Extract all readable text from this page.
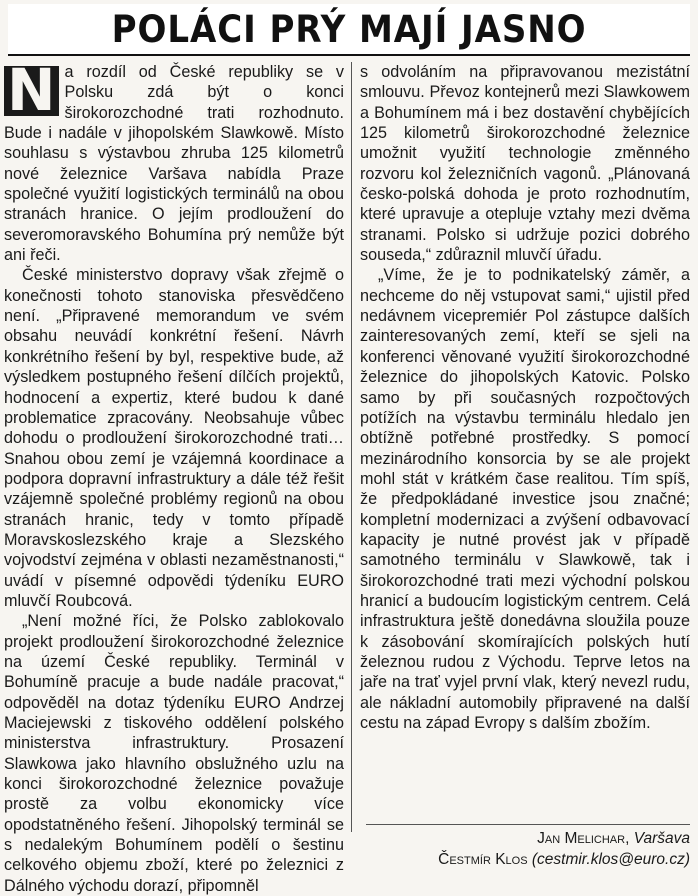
POLÁCI PRÝ MAJÍ JASNO

N a rozdíl od České republiky se v Polsku zdá být o konci širokorozchodné trati rozhodnuto. Bude i nadále v jihopolském Slawkowě. Místo souhlasu s výstavbou zhruba 125 kilometrů nové železnice Varšava nabídla Praze společné využití logistických terminálů na obou stranách hranice. O jejím prodloužení do severomoravského Bohumína prý nemůže být ani řeči.

České ministerstvo dopravy však zřejmě o konečnosti tohoto stanoviska přesvědčeno není. „Připravené memorandum ve svém obsahu neuvádí konkrétní řešení. Návrh konkrétního řešení by byl, respektive bude, až výsledkem postupného řešení dílčích projektů, hodnocení a expertiz, které budou k dané problematice zpracovány. Neobsahuje vůbec dohodu o prodloužení širokorozchodné trati… Snahou obou zemí je vzájemná koordinace a podpora dopravní infrastruktury a dále též řešit vzájemně společné problémy regionů na obou stranách hranic, tedy v tomto případě Moravskoslezského kraje a Slezského vojvodství zejména v oblasti nezaměstnanosti,“ uvádí v písemné odpovědi týdeníku EURO mluvčí Roubcová.

„Není možné říci, že Polsko zablokovalo projekt prodloužení širokorozchodné železnice na území České republiky. Terminál v Bohumíně pracuje a bude nadále pracovat,“ odpověděl na dotaz týdeníku EURO Andrzej Maciejewski z tiskového oddělení polského ministerstva infrastruktury. Prosazení Slawkowa jako hlavního obslužného uzlu na konci širokorozchodné železnice považuje prostě za volbu ekonomicky více opodstatněného řešení. Jihopolský terminál se s nedalekým Bohumínem podělí o šestinu celkového objemu zboží, které po železnici z Dálného východu dorazí, připomněl

s odvoláním na připravovanou mezistátní smlouvu. Převoz kontejnerů mezi Slawkowem a Bohumínem má i bez dostavění chybějících 125 kilometrů širokorozchodné železnice umožnit využití technologie změnného rozvoru kol železničních vagonů. „Plánovaná česko-polská dohoda je proto rozhodnutím, které upravuje a otepluje vztahy mezi dvěma stranami. Polsko si udržuje pozici dobrého souseda,“ zdůraznil mluvčí úřadu.

„Víme, že je to podnikatelský záměr, a nechceme do něj vstupovat sami,“ ujistil před nedávnem vicepremiér Pol zástupce dalších zainteresovaných zemí, kteří se sjeli na konferenci věnované využití širokorozchodné železnice do jihopolských Katovic. Polsko samo by při současných rozpočtových potížích na výstavbu terminálu hledalo jen obtížně potřebné prostředky. S pomocí mezinárodního konsorcia by se ale projekt mohl stát v krátkém čase realitou. Tím spíš, že předpokládané investice jsou značné; kompletní modernizaci a zvýšení odbavovací kapacity je nutné provést jak v případě samotného terminálu v Slawkowě, tak i širokorozchodné trati mezi východní polskou hranicí a budoucím logistickým centrem. Celá infrastruktura ještě donedávna sloužila pouze k zásobování skomírajících polských hutí železnou rudou z Východu. Teprve letos na jaře na trať vyjel první vlak, který nevezl rudu, ale nákladní automobily připravené na další cestu na západ Evropy s dalším zbožím.

Jan Melichar, Varšava
Čestmír Klos (cestmir.klos@euro.cz)
